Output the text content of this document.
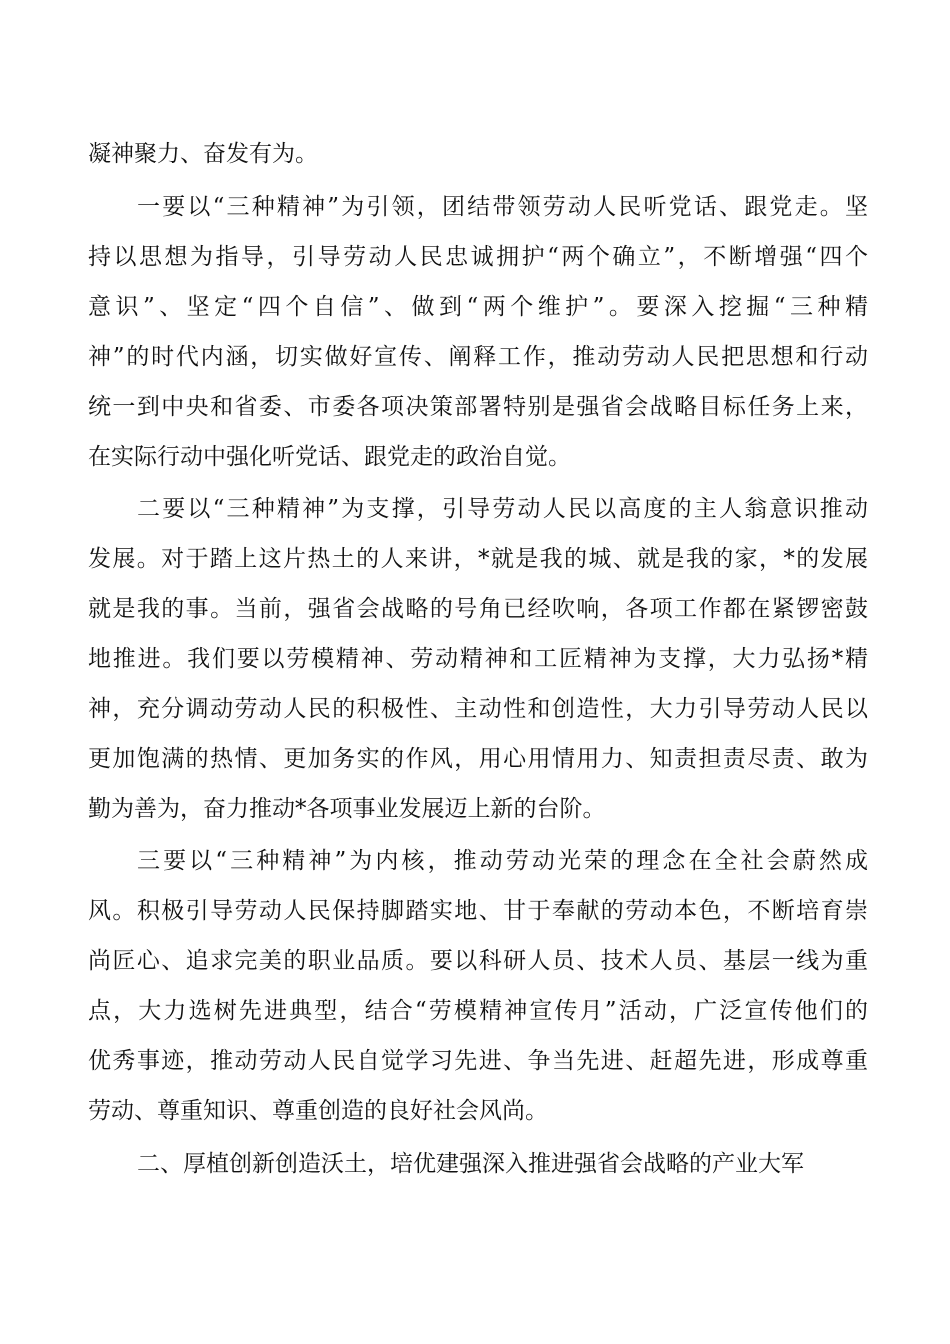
凝神聚力、奋发有为。

一要以“三种精神”为引领，团结带领劳动人民听党话、跟党走。坚

持以思想为指导，引导劳动人民忠诚拥护“两个确立”，不断增强“四个

意识”、坚定“四个自信”、做到“两个维护”。要深入挖掘“三种精

神”的时代内涵，切实做好宣传、阐释工作，推动劳动人民把思想和行动

统一到中央和省委、市委各项决策部署特别是强省会战略目标任务上来，

在实际行动中强化听党话、跟党走的政治自觉。

二要以“三种精神”为支撑，引导劳动人民以高度的主人翁意识推动

发展。对于踏上这片热土的人来讲，*就是我的城、就是我的家，*的发展

就是我的事。当前，强省会战略的号角已经吹响，各项工作都在紧锣密鼓

地推进。我们要以劳模精神、劳动精神和工匠精神为支撑，大力弘扬*精

神，充分调动劳动人民的积极性、主动性和创造性，大力引导劳动人民以

更加饱满的热情、更加务实的作风，用心用情用力、知责担责尽责、敢为

勤为善为，奋力推动*各项事业发展迈上新的台阶。

三要以“三种精神”为内核，推动劳动光荣的理念在全社会蔚然成

风。积极引导劳动人民保持脚踏实地、甘于奉献的劳动本色，不断培育崇

尚匠心、追求完美的职业品质。要以科研人员、技术人员、基层一线为重

点，大力选树先进典型，结合“劳模精神宣传月”活动，广泛宣传他们的

优秀事迹，推动劳动人民自觉学习先进、争当先进、赶超先进，形成尊重

劳动、尊重知识、尊重创造的良好社会风尚。

二、厚植创新创造沃土，培优建强深入推进强省会战略的产业大军
